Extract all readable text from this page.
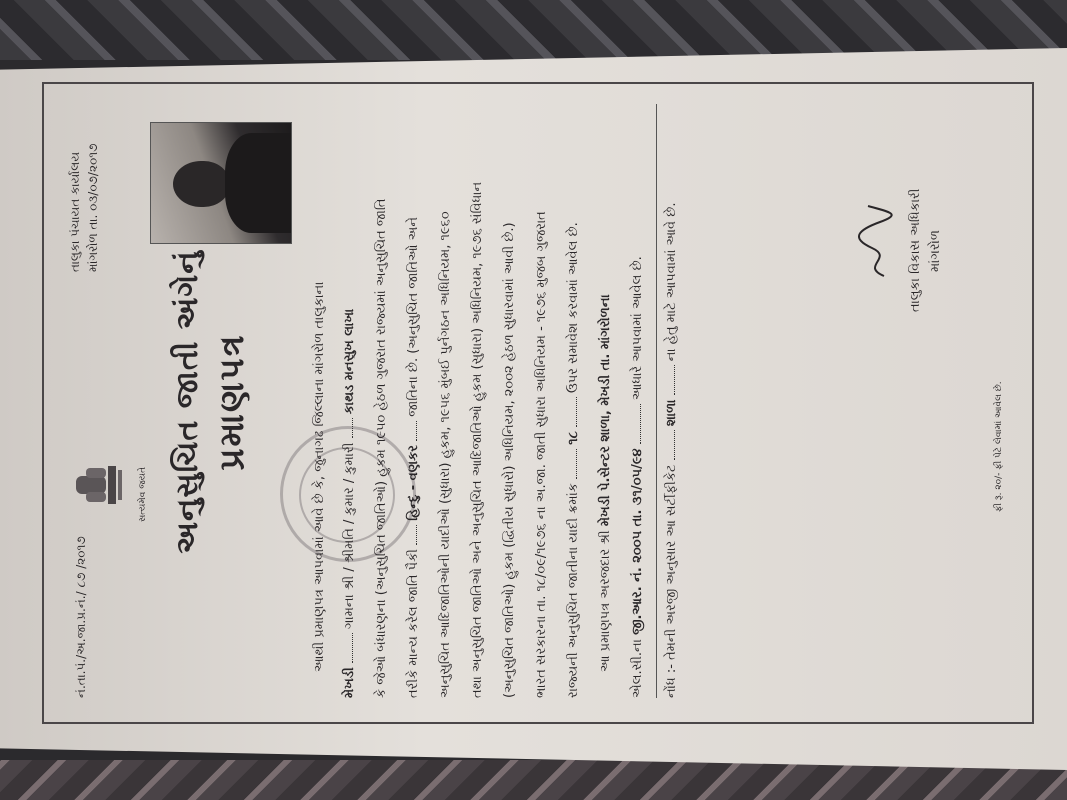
નં.તા.પં./અ.જા.પ્ર.નં./ ૮૭ /૨૦૧૭
સત્યમેવ જયતે
તાલુકા પંચાયત કાર્યાલય માંગરોળ તા. ૦૩/૦૭/૨૦૧૭
અનુસુચિત જાતી અંગેનું પ્રમાણપત્ર	આથી પ્રમાણપત્ર આપવામાં આવે છે કે, જુનાગઢ જિલ્લાના માંગરોળ તાલુકાના
મેખડી  ગામના શ્રી / શ્રીમતિ / કુમાર / કુમારી  કાથડ મનસુખ લાખા કે જેઓ બંધારણના (અનુસુચિત જાતિઓ) હુકમ ૧૯૫૦ હેઠળ ગુજરાત રાજ્યમાં અનુસુચિત જાતિ તરીકે માન્ય કરેલ જાતિ પૈકી  હિન્દુ - વણકર  જાતિના છે. (અનુસુચિત જાતિઓ અને અનુસુચિત આદિજાતિઓની યાદીઓ (સુધારા) હુકમ, ૧૯૫૬ મુંબઈ પુર્નગઠન અધિનિયમ, ૧૯૬૦ તથા અનુસુચિત જાતિઓ અને અનુસુચિત આદિજાતિઓ હુકમ (સુધારા) અધિનિયમ, ૧૯૭૬ સંવિધાન (અનુસુચિત જાતિઓ) હુકમ (દ્વિતીય સુધારો) અધિનિયમ, ૨૦૦૨ હેઠળ સુધારવામાં આવી છે.) ભારત સરકારના તા. ૧૮/૦૯/૧૯૭૬ ના અ.જા. જાતી સુધારા અધિનિયમ - ૧૯૭૬ મુજબ ગુજરાત રાજ્યની અનુસુચિત જાતીના યાદી ક્રમાંક  ૧૮  ઉપર સમાવેશ કરવામાં આવેલ છે.
આ પ્રમાણપત્ર અરજદાર શ્રી મેખડી પે.સેન્ટર શાળા, મેખડી તા. માંગરોળના
એલ.સી.ના જી.આર. નં. ૨૦૦૫ તા. ૩૧/૦૫/૯૪  આધારે આપવામાં આવેલ છે.
નોંધ :- તેમની અરજી અનુસાર આ સર્ટીફીકેટ  શાળા  ના હેતુ માટે આપવામાં આવે છે.	તાલુકા વિકાસ અધિકારી માંગરોળ
ફી રૂ. ૨૦/- ફી પેટે લેવામાં આવેલ છે.
